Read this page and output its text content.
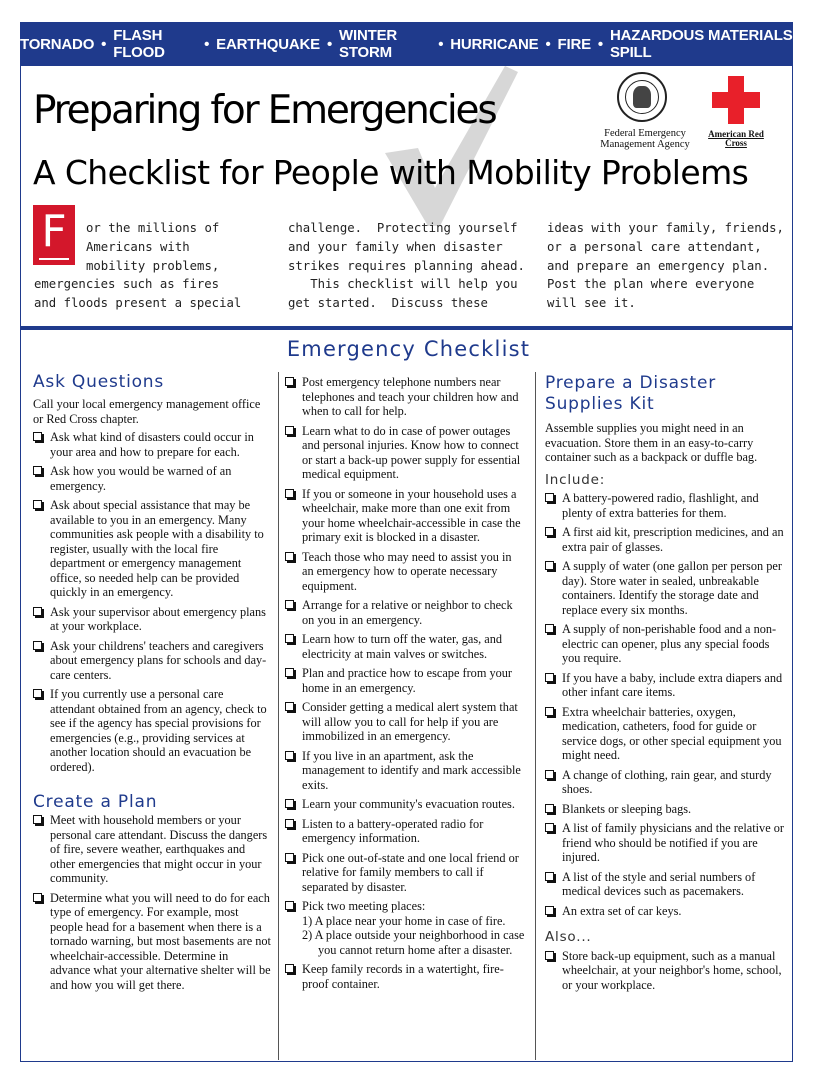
TORNADO • FLASH FLOOD	• EARTHQUAKE • WINTER STORM	• HURRICANE • FIRE • HAZARDOUS MATERIALS SPILL
Preparing for Emergencies
A Checklist for People with Mobility Problems
Federal Emergency Management Agency
American Red Cross
F	or the millions of
Americans with
mobility problems,
emergencies such as fires
and floods present a special
challenge.  Protecting yourself
and your family when disaster
strikes requires planning ahead.
This checklist will help you
get started.  Discuss these
ideas with your family, friends,
or a personal care attendant,
and prepare an emergency plan.
Post the plan where everyone
will see it.
Emergency Checklist
Ask Questions

Call your local emergency management office or Red Cross chapter.

Ask what kind of disasters could occur in your area and how to prepare for each.
Ask how you would be warned of an emergency.
Ask about special assistance that may be available to you in an emergency. Many communities ask people with a disability to register, usually with the local fire department or emergency management office, so needed help can be provided quickly in an emergency.
Ask your supervisor about emergency plans at your workplace.
Ask your childrens' teachers and caregivers about emergency plans for schools and day-care centers.
If you currently use a personal care attendant obtained from an agency, check to see if the agency has special provisions for emergencies (e.g., providing services at another location should an evacuation be ordered).
Create a Plan
Meet with household members or your personal care attendant. Discuss the dangers of fire, severe weather, earthquakes and other emergencies that might occur in your community.
Determine what you will need to do for each type of emergency. For example, most people head for a basement when there is a tornado warning, but most basements are not wheelchair-accessible. Determine in advance what your alternative shelter will be and how you will get there.
Post emergency telephone numbers near telephones and teach your children how and when to call for help.
Learn what to do in case of power outages and personal injuries. Know how to connect or start a back-up power supply for essential medical equipment.
If you or someone in your household uses a wheelchair, make more than one exit from your home wheelchair-accessible in case the primary exit is blocked in a disaster.
Teach those who may need to assist you in an emergency how to operate necessary equipment.
Arrange for a relative or neighbor to check on you in an emergency.
Learn how to turn off the water, gas, and electricity at main valves or switches.
Plan and practice how to escape from your home in an emergency.
Consider getting a medical alert system that will allow you to call for help if you are immobilized in an emergency.
If you live in an apartment, ask the management to identify and mark accessible exits.
Learn your community's evacuation routes.
Listen to a battery-operated radio for emergency information.
Pick one out-of-state and one local friend or relative for family members to call if separated by disaster.
Pick two meeting places:
1) A place near your home in case of fire.
2) A place outside your neighborhood in case you cannot return home after a disaster.
Keep family records in a watertight, fire-proof container.
Prepare a Disaster Supplies Kit

Assemble supplies you might need in an evacuation. Store them in an easy-to-carry container such as a backpack or duffle bag.

Include:
A battery-powered radio, flashlight, and plenty of extra batteries for them.
A first aid kit, prescription medicines, and an extra pair of glasses.
A supply of water (one gallon per person per day). Store water in sealed, unbreakable containers. Identify the storage date and replace every six months.
A supply of non-perishable food and a non-electric can opener, plus any special foods you require.
If you have a baby, include extra diapers and other infant care items.
Extra wheelchair batteries, oxygen, medication, catheters, food for guide or service dogs, or other special equipment you might need.
A change of clothing, rain gear, and sturdy shoes.
Blankets or sleeping bags.
A list of family physicians and the relative or friend who should be notified if you are injured.
A list of the style and serial numbers of medical devices such as pacemakers.
An extra set of car keys.
Also...
Store back-up equipment, such as a manual wheelchair, at your neighbor's home, school, or your workplace.
